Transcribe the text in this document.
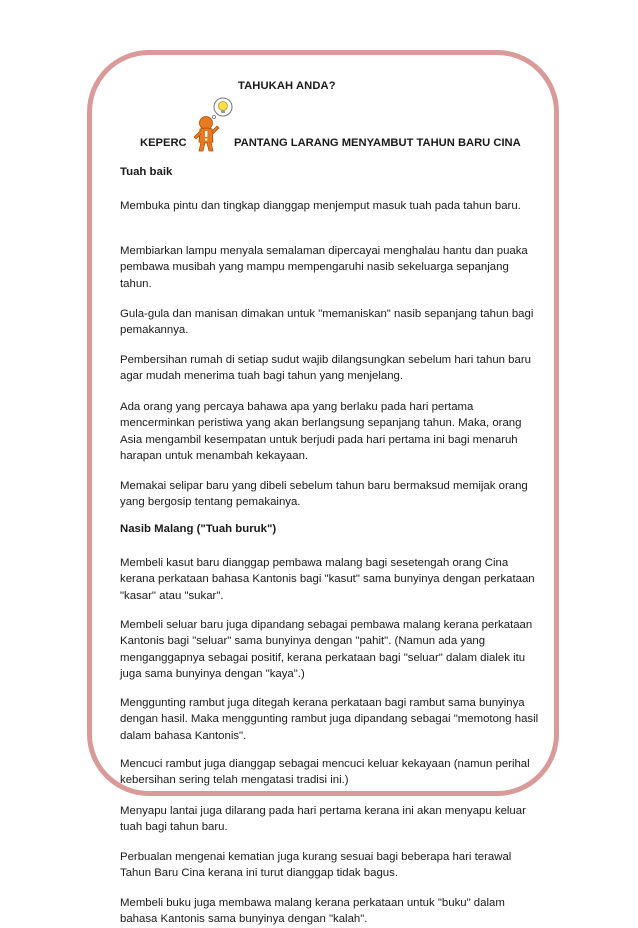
TAHUKAH ANDA?
KEPERC	PANTANG LARANG MENYAMBUT TAHUN BARU CINA
Tuah baik

Membuka pintu dan tingkap dianggap menjemput masuk tuah pada tahun baru.

Membiarkan lampu menyala semalaman dipercayai menghalau hantu dan puaka pembawa musibah yang mampu mempengaruhi nasib sekeluarga sepanjang tahun.

Gula-gula dan manisan dimakan untuk "memaniskan" nasib sepanjang tahun bagi pemakannya.

Pembersihan rumah di setiap sudut wajib dilangsungkan sebelum hari tahun baru agar mudah menerima tuah bagi tahun yang menjelang.

Ada orang yang percaya bahawa apa yang berlaku pada hari pertama mencerminkan peristiwa yang akan berlangsung sepanjang tahun. Maka, orang Asia mengambil kesempatan untuk berjudi pada hari pertama ini bagi menaruh harapan untuk menambah kekayaan.

Memakai selipar baru yang dibeli sebelum tahun baru bermaksud memijak orang yang bergosip tentang pemakainya.

Nasib Malang ("Tuah buruk")

Membeli kasut baru dianggap pembawa malang bagi sesetengah orang Cina kerana perkataan bahasa Kantonis bagi "kasut" sama bunyinya dengan perkataan "kasar" atau "sukar".

Membeli seluar baru juga dipandang sebagai pembawa malang kerana perkataan Kantonis bagi "seluar" sama bunyinya dengan "pahit". (Namun ada yang menganggapnya sebagai positif, kerana perkataan bagi "seluar" dalam dialek itu juga sama bunyinya dengan "kaya".)

Menggunting rambut juga ditegah kerana perkataan bagi rambut sama bunyinya dengan hasil. Maka menggunting rambut juga dipandang sebagai "memotong hasil dalam bahasa Kantonis".

Mencuci rambut juga dianggap sebagai mencuci keluar kekayaan (namun perihal kebersihan sering telah mengatasi tradisi ini.)

Menyapu lantai juga dilarang pada hari pertama kerana ini akan menyapu keluar tuah bagi tahun baru.

Perbualan mengenai kematian juga kurang sesuai bagi beberapa hari terawal Tahun Baru Cina kerana ini turut dianggap tidak bagus.

Membeli buku juga membawa malang kerana perkataan untuk "buku" dalam bahasa Kantonis sama bunyinya dengan "kalah".
